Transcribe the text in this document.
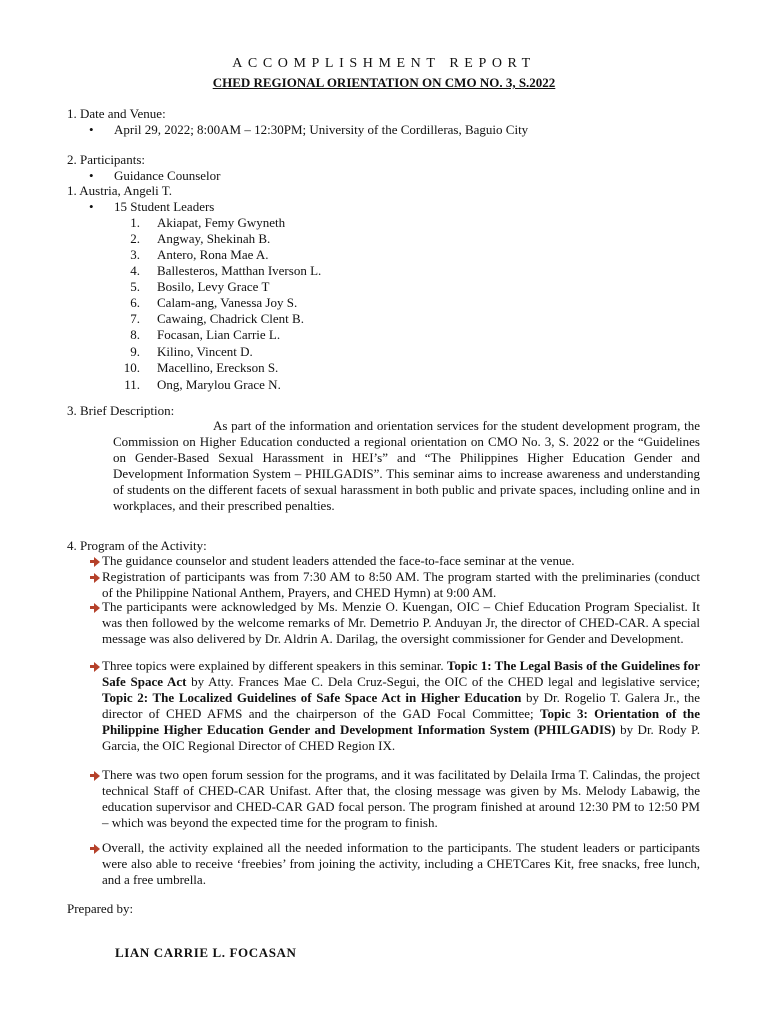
ACCOMPLISHMENT REPORT
CHED REGIONAL ORIENTATION ON CMO NO. 3, S.2022
1. Date and Venue:
• April 29, 2022; 8:00AM – 12:30PM; University of the Cordilleras, Baguio City
2. Participants:
• Guidance Counselor
1. Austria, Angeli T.
• 15 Student Leaders
1. Akiapat, Femy Gwyneth
2. Angway, Shekinah B.
3. Antero, Rona Mae A.
4. Ballesteros, Matthan Iverson L.
5. Bosilo, Levy Grace T
6. Calam-ang, Vanessa Joy S.
7. Cawaing, Chadrick Clent B.
8. Focasan, Lian Carrie L.
9. Kilino, Vincent D.
10. Macellino, Ereckson S.
11. Ong, Marylou Grace N.
3. Brief Description:
As part of the information and orientation services for the student development program, the Commission on Higher Education conducted a regional orientation on CMO No. 3, S. 2022 or the “Guidelines on Gender-Based Sexual Harassment in HEI’s” and “The Philippines Higher Education Gender and Development Information System – PHILGADIS”. This seminar aims to increase awareness and understanding of students on the different facets of sexual harassment in both public and private spaces, including online and in workplaces, and their prescribed penalties.
4. Program of the Activity:
The guidance counselor and student leaders attended the face-to-face seminar at the venue.
Registration of participants was from 7:30 AM to 8:50 AM. The program started with the preliminaries (conduct of the Philippine National Anthem, Prayers, and CHED Hymn) at 9:00 AM.
The participants were acknowledged by Ms. Menzie O. Kuengan, OIC – Chief Education Program Specialist. It was then followed by the welcome remarks of Mr. Demetrio P. Anduyan Jr, the director of CHED-CAR. A special message was also delivered by Dr. Aldrin A. Darilag, the oversight commissioner for Gender and Development.
Three topics were explained by different speakers in this seminar. Topic 1: The Legal Basis of the Guidelines for Safe Space Act by Atty. Frances Mae C. Dela Cruz-Segui, the OIC of the CHED legal and legislative service; Topic 2: The Localized Guidelines of Safe Space Act in Higher Education by Dr. Rogelio T. Galera Jr., the director of CHED AFMS and the chairperson of the GAD Focal Committee; Topic 3: Orientation of the Philippine Higher Education Gender and Development Information System (PHILGADIS) by Dr. Rody P. Garcia, the OIC Regional Director of CHED Region IX.
There was two open forum session for the programs, and it was facilitated by Delaila Irma T. Calindas, the project technical Staff of CHED-CAR Unifast. After that, the closing message was given by Ms. Melody Labawig, the education supervisor and CHED-CAR GAD focal person. The program finished at around 12:30 PM to 12:50 PM – which was beyond the expected time for the program to finish.
Overall, the activity explained all the needed information to the participants. The student leaders or participants were also able to receive ‘freebies’ from joining the activity, including a CHETCares Kit, free snacks, free lunch, and a free umbrella.
Prepared by:
LIAN CARRIE L. FOCASAN
